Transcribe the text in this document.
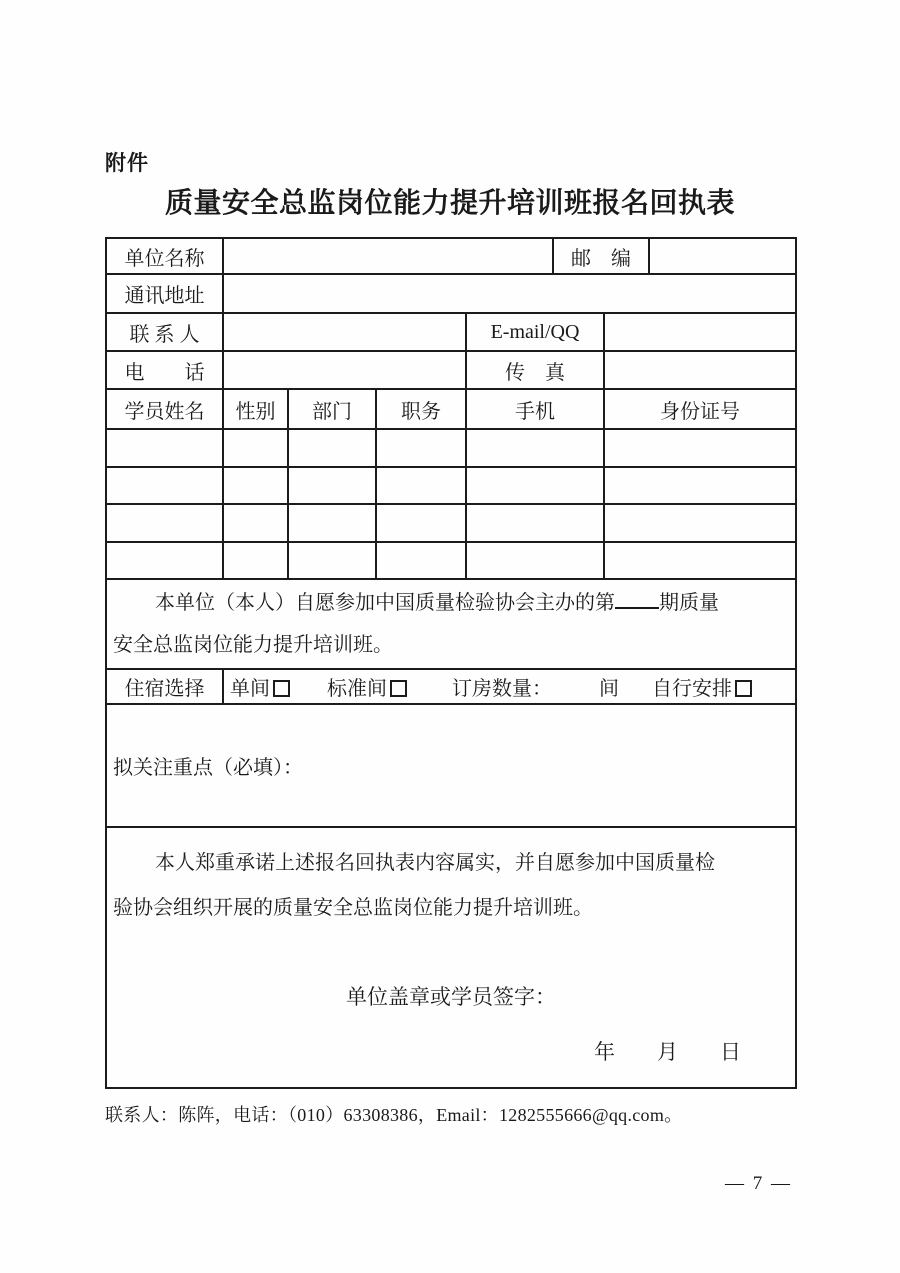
附件
质量安全总监岗位能力提升培训班报名回执表
单位名称					邮　编		
通讯地址							
联 系 人				E-mail/QQ			
电　　话				传　真			
学员姓名	性别	部门	职务	手机		身份证号	

本单位（本人）自愿参加中国质量检验协会主办的第 期质量
安全总监岗位能力提升培训班。							
住宿选择	单间 标准间 订房数量： 间 自行安排						
拟关注重点（必填）：							

本人郑重承诺上述报名回执表内容属实，并自愿参加中国质量检
验协会组织开展的质量安全总监岗位能力提升培训班。
单位盖章或学员签字：
年　　月　　日							
联系人：陈阵，电话：（010）63308386，Email：1282555666@qq.com。
— 7 —
